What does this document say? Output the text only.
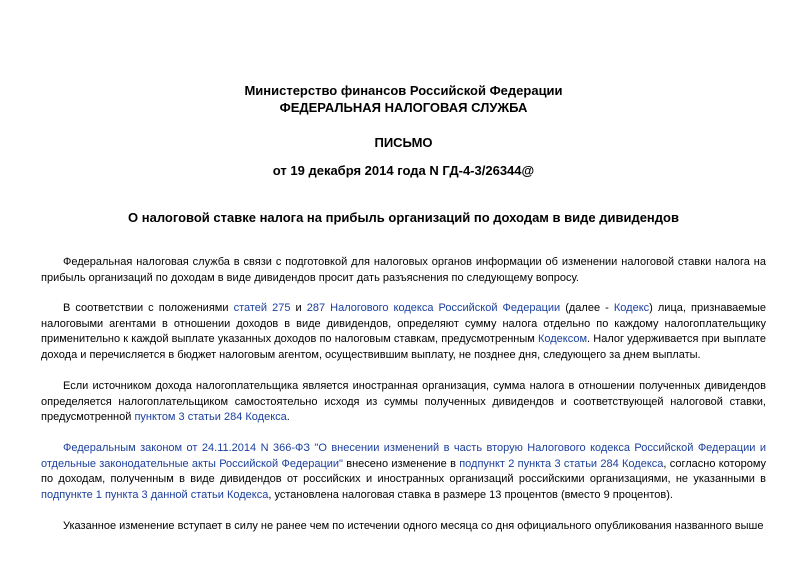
Министерство финансов Российской Федерации
ФЕДЕРАЛЬНАЯ НАЛОГОВАЯ СЛУЖБА
ПИСЬМО
от 19 декабря 2014 года N ГД-4-3/26344@
О налоговой ставке налога на прибыль организаций по доходам в виде дивидендов

Федеральная налоговая служба в связи с подготовкой для налоговых органов информации об изменении налоговой ставки налога на прибыль организаций по доходам в виде дивидендов просит дать разъяснения по следующему вопросу.

В соответствии с положениями статей 275 и 287 Налогового кодекса Российской Федерации (далее - Кодекс) лица, признаваемые налоговыми агентами в отношении доходов в виде дивидендов, определяют сумму налога отдельно по каждому налогоплательщику применительно к каждой выплате указанных доходов по налоговым ставкам, предусмотренным Кодексом. Налог удерживается при выплате дохода и перечисляется в бюджет налоговым агентом, осуществившим выплату, не позднее дня, следующего за днем выплаты.

Если источником дохода налогоплательщика является иностранная организация, сумма налога в отношении полученных дивидендов определяется налогоплательщиком самостоятельно исходя из суммы полученных дивидендов и соответствующей налоговой ставки, предусмотренной пунктом 3 статьи 284 Кодекса.

Федеральным законом от 24.11.2014 N 366-ФЗ "О внесении изменений в часть вторую Налогового кодекса Российской Федерации и отдельные законодательные акты Российской Федерации" внесено изменение в подпункт 2 пункта 3 статьи 284 Кодекса, согласно которому по доходам, полученным в виде дивидендов от российских и иностранных организаций российскими организациями, не указанными в подпункте 1 пункта 3 данной статьи Кодекса, установлена налоговая ставка в размере 13 процентов (вместо 9 процентов).

Указанное изменение вступает в силу не ранее чем по истечении одного месяца со дня официального опубликования названного выше
